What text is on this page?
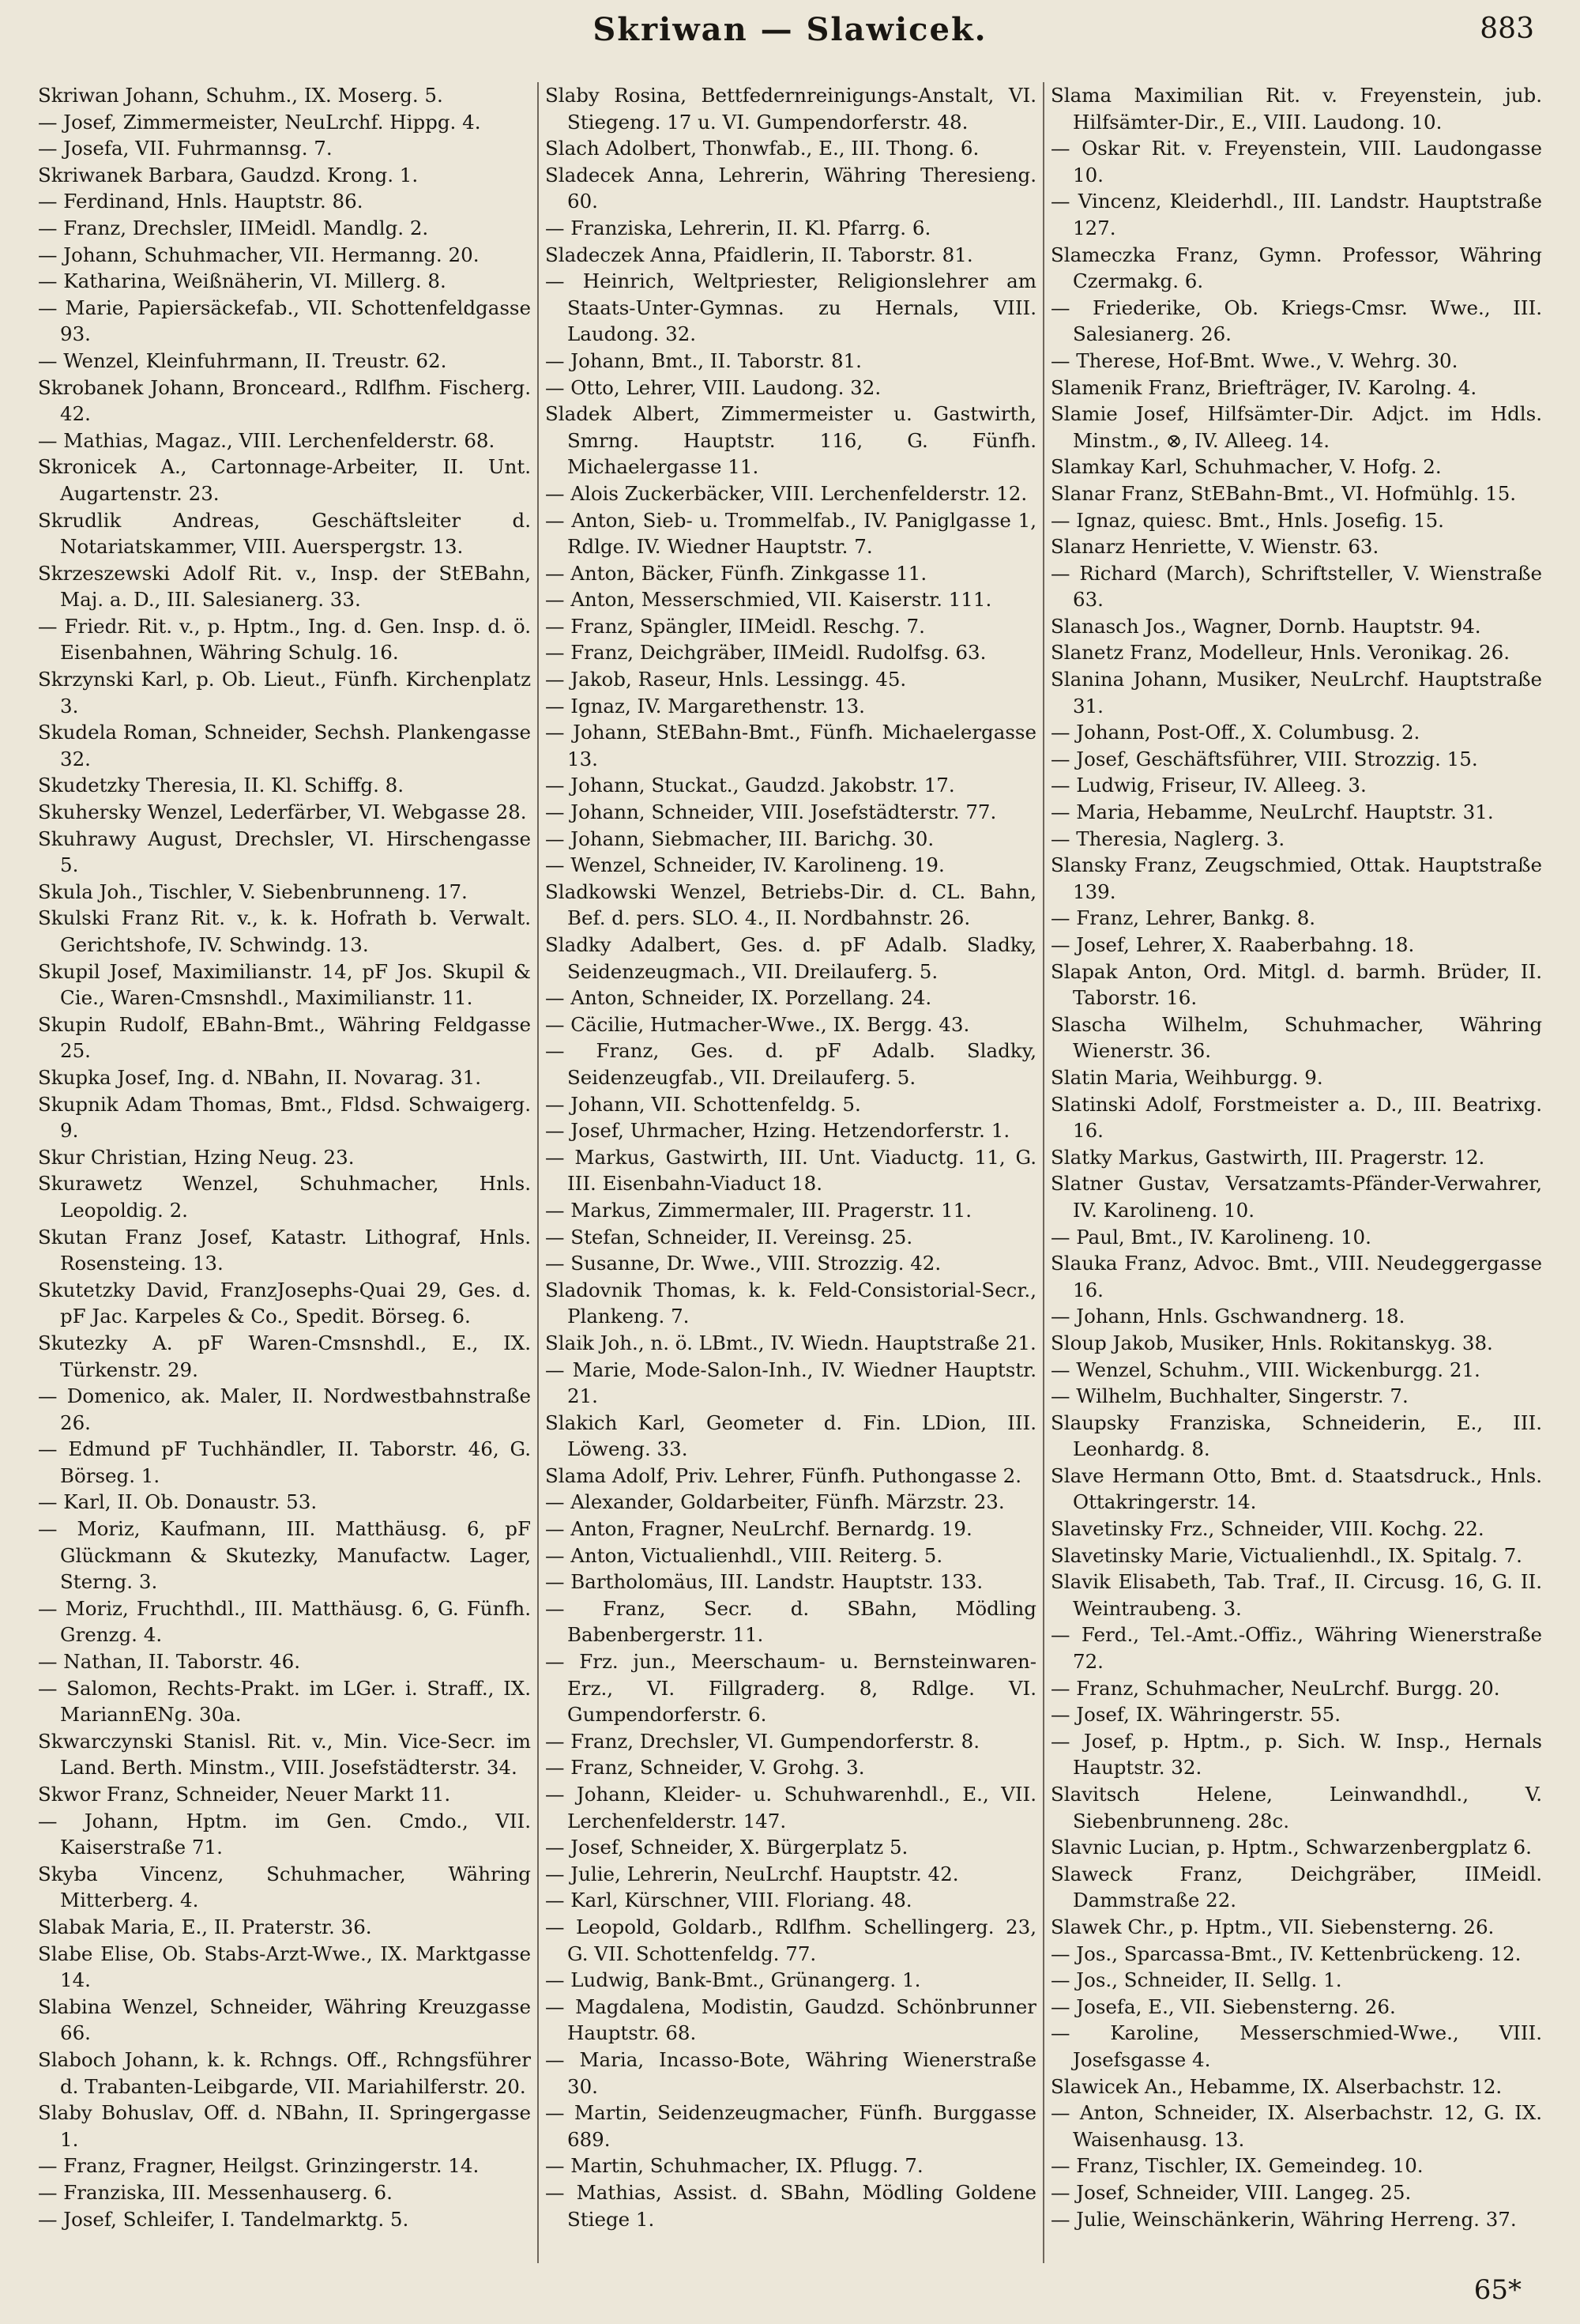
Skriwan — Slawicek.	883
Skriwan Johann, Schuhm., IX. Moserg. 5.
— Josef, Zimmermeister, NeuLrchf. Hippg. 4.
— Josefa, VII. Fuhrmannsg. 7.
Skriwanek Barbara, Gaudzd. Krong. 1.
— Ferdinand, Hnls. Hauptstr. 86.
— Franz, Drechsler, IIMeidl. Mandlg. 2.
— Johann, Schuhmacher, VII. Hermanng. 20.
— Katharina, Weißnäherin, VI. Millerg. 8.
— Marie, Papiersäckefab., VII. Schottenfeldgasse 93.
— Wenzel, Kleinfuhrmann, II. Treustr. 62.
Skrobanek Johann, Bronceard., Rdlfhm. Fischerg. 42.
— Mathias, Magaz., VIII. Lerchenfelderstr. 68.
Skronicek A., Cartonnage-Arbeiter, II. Unt. Augartenstr. 23.
Skrudlik Andreas, Geschäftsleiter d. Notariatskammer, VIII. Auerspergstr. 13.
Skrzeszewski Adolf Rit. v., Insp. der StEBahn, Maj. a. D., III. Salesianerg. 33.
— Friedr. Rit. v., p. Hptm., Ing. d. Gen. Insp. d. ö. Eisenbahnen, Währing Schulg. 16.
Skrzynski Karl, p. Ob. Lieut., Fünfh. Kirchenplatz 3.
Skudela Roman, Schneider, Sechsh. Plankengasse 32.
Skudetzky Theresia, II. Kl. Schiffg. 8.
Skuhersky Wenzel, Lederfärber, VI. Webgasse 28.
Skuhrawy August, Drechsler, VI. Hirschengasse 5.
Skula Joh., Tischler, V. Siebenbrunneng. 17.
Skulski Franz Rit. v., k. k. Hofrath b. Verwalt. Gerichtshofe, IV. Schwindg. 13.
Skupil Josef, Maximilianstr. 14, pF Jos. Skupil & Cie., Waren-Cmsnshdl., Maximilianstr. 11.
Skupin Rudolf, EBahn-Bmt., Währing Feldgasse 25.
Skupka Josef, Ing. d. NBahn, II. Novarag. 31.
Skupnik Adam Thomas, Bmt., Fldsd. Schwaigerg. 9.
Skur Christian, Hzing Neug. 23.
Skurawetz Wenzel, Schuhmacher, Hnls. Leopoldig. 2.
Skutan Franz Josef, Katastr. Lithograf, Hnls. Rosensteing. 13.
Skutetzky David, FranzJosephs-Quai 29, Ges. d. pF Jac. Karpeles & Co., Spedit. Börseg. 6.
Skutezky A. pF Waren-Cmsnshdl., E., IX. Türkenstr. 29.
— Domenico, ak. Maler, II. Nordwestbahnstraße 26.
— Edmund pF Tuchhändler, II. Taborstr. 46, G. Börseg. 1.
— Karl, II. Ob. Donaustr. 53.
— Moriz, Kaufmann, III. Matthäusg. 6, pF Glückmann & Skutezky, Manufactw. Lager, Sterng. 3.
— Moriz, Fruchthdl., III. Matthäusg. 6, G. Fünfh. Grenzg. 4.
— Nathan, II. Taborstr. 46.
— Salomon, Rechts-Prakt. im LGer. i. Straff., IX. MariannENg. 30a.
Skwarczynski Stanisl. Rit. v., Min. Vice-Secr. im Land. Berth. Minstm., VIII. Josefstädterstr. 34.
Skwor Franz, Schneider, Neuer Markt 11.
— Johann, Hptm. im Gen. Cmdo., VII. Kaiserstraße 71.
Skyba Vincenz, Schuhmacher, Währing Mitterberg. 4.
Slabak Maria, E., II. Praterstr. 36.
Slabe Elise, Ob. Stabs-Arzt-Wwe., IX. Marktgasse 14.
Slabina Wenzel, Schneider, Währing Kreuzgasse 66.
Slaboch Johann, k. k. Rchngs. Off., Rchngsführer d. Trabanten-Leibgarde, VII. Mariahilferstr. 20.
Slaby Bohuslav, Off. d. NBahn, II. Springergasse 1.
— Franz, Fragner, Heilgst. Grinzingerstr. 14.
— Franziska, III. Messenhauserg. 6.
— Josef, Schleifer, I. Tandelmarktg. 5.
Slaby Rosina, Bettfedernreinigungs-Anstalt, VI. Stiegeng. 17 u. VI. Gumpendorferstr. 48.
Slach Adolbert, Thonwfab., E., III. Thong. 6.
Sladecek Anna, Lehrerin, Währing Theresieng. 60.
— Franziska, Lehrerin, II. Kl. Pfarrg. 6.
Sladeczek Anna, Pfaidlerin, II. Taborstr. 81.
— Heinrich, Weltpriester, Religionslehrer am Staats-Unter-Gymnas. zu Hernals, VIII. Laudong. 32.
— Johann, Bmt., II. Taborstr. 81.
— Otto, Lehrer, VIII. Laudong. 32.
Sladek Albert, Zimmermeister u. Gastwirth, Smrng. Hauptstr. 116, G. Fünfh. Michaelergasse 11.
— Alois Zuckerbäcker, VIII. Lerchenfelderstr. 12.
— Anton, Sieb- u. Trommelfab., IV. Paniglgasse 1, Rdlge. IV. Wiedner Hauptstr. 7.
— Anton, Bäcker, Fünfh. Zinkgasse 11.
— Anton, Messerschmied, VII. Kaiserstr. 111.
— Franz, Spängler, IIMeidl. Reschg. 7.
— Franz, Deichgräber, IIMeidl. Rudolfsg. 63.
— Jakob, Raseur, Hnls. Lessingg. 45.
— Ignaz, IV. Margarethenstr. 13.
— Johann, StEBahn-Bmt., Fünfh. Michaelergasse 13.
— Johann, Stuckat., Gaudzd. Jakobstr. 17.
— Johann, Schneider, VIII. Josefstädterstr. 77.
— Johann, Siebmacher, III. Barichg. 30.
— Wenzel, Schneider, IV. Karolineng. 19.
Sladkowski Wenzel, Betriebs-Dir. d. CL. Bahn, Bef. d. pers. SLO. 4., II. Nordbahnstr. 26.
Sladky Adalbert, Ges. d. pF Adalb. Sladky, Seidenzeugmach., VII. Dreilauferg. 5.
— Anton, Schneider, IX. Porzellang. 24.
— Cäcilie, Hutmacher-Wwe., IX. Bergg. 43.
— Franz, Ges. d. pF Adalb. Sladky, Seidenzeugfab., VII. Dreilauferg. 5.
— Johann, VII. Schottenfeldg. 5.
— Josef, Uhrmacher, Hzing. Hetzendorferstr. 1.
— Markus, Gastwirth, III. Unt. Viaductg. 11, G. III. Eisenbahn-Viaduct 18.
— Markus, Zimmermaler, III. Pragerstr. 11.
— Stefan, Schneider, II. Vereinsg. 25.
— Susanne, Dr. Wwe., VIII. Strozzig. 42.
Sladovnik Thomas, k. k. Feld-Consistorial-Secr., Plankeng. 7.
Slaik Joh., n. ö. LBmt., IV. Wiedn. Hauptstraße 21.
— Marie, Mode-Salon-Inh., IV. Wiedner Hauptstr. 21.
Slakich Karl, Geometer d. Fin. LDion, III. Löweng. 33.
Slama Adolf, Priv. Lehrer, Fünfh. Puthongasse 2.
— Alexander, Goldarbeiter, Fünfh. Märzstr. 23.
— Anton, Fragner, NeuLrchf. Bernardg. 19.
— Anton, Victualienhdl., VIII. Reiterg. 5.
— Bartholomäus, III. Landstr. Hauptstr. 133.
— Franz, Secr. d. SBahn, Mödling Babenbergerstr. 11.
— Frz. jun., Meerschaum- u. Bernsteinwaren-Erz., VI. Fillgraderg. 8, Rdlge. VI. Gumpendorferstr. 6.
— Franz, Drechsler, VI. Gumpendorferstr. 8.
— Franz, Schneider, V. Grohg. 3.
— Johann, Kleider- u. Schuhwarenhdl., E., VII. Lerchenfelderstr. 147.
— Josef, Schneider, X. Bürgerplatz 5.
— Julie, Lehrerin, NeuLrchf. Hauptstr. 42.
— Karl, Kürschner, VIII. Floriang. 48.
— Leopold, Goldarb., Rdlfhm. Schellingerg. 23, G. VII. Schottenfeldg. 77.
— Ludwig, Bank-Bmt., Grünangerg. 1.
— Magdalena, Modistin, Gaudzd. Schönbrunner Hauptstr. 68.
— Maria, Incasso-Bote, Währing Wienerstraße 30.
— Martin, Seidenzeugmacher, Fünfh. Burggasse 689.
— Martin, Schuhmacher, IX. Pflugg. 7.
— Mathias, Assist. d. SBahn, Mödling Goldene Stiege 1.
Slama Maximilian Rit. v. Freyenstein, jub. Hilfsämter-Dir., E., VIII. Laudong. 10.
— Oskar Rit. v. Freyenstein, VIII. Laudongasse 10.
— Vincenz, Kleiderhdl., III. Landstr. Hauptstraße 127.
Slameczka Franz, Gymn. Professor, Währing Czermakg. 6.
— Friederike, Ob. Kriegs-Cmsr. Wwe., III. Salesianerg. 26.
— Therese, Hof-Bmt. Wwe., V. Wehrg. 30.
Slamenik Franz, Briefträger, IV. Karolng. 4.
Slamie Josef, Hilfsämter-Dir. Adjct. im Hdls. Minstm., ⊗, IV. Alleeg. 14.
Slamkay Karl, Schuhmacher, V. Hofg. 2.
Slanar Franz, StEBahn-Bmt., VI. Hofmühlg. 15.
— Ignaz, quiesc. Bmt., Hnls. Josefig. 15.
Slanarz Henriette, V. Wienstr. 63.
— Richard (March), Schriftsteller, V. Wienstraße 63.
Slanasch Jos., Wagner, Dornb. Hauptstr. 94.
Slanetz Franz, Modelleur, Hnls. Veronikag. 26.
Slanina Johann, Musiker, NeuLrchf. Hauptstraße 31.
— Johann, Post-Off., X. Columbusg. 2.
— Josef, Geschäftsführer, VIII. Strozzig. 15.
— Ludwig, Friseur, IV. Alleeg. 3.
— Maria, Hebamme, NeuLrchf. Hauptstr. 31.
— Theresia, Naglerg. 3.
Slansky Franz, Zeugschmied, Ottak. Hauptstraße 139.
— Franz, Lehrer, Bankg. 8.
— Josef, Lehrer, X. Raaberbahng. 18.
Slapak Anton, Ord. Mitgl. d. barmh. Brüder, II. Taborstr. 16.
Slascha Wilhelm, Schuhmacher, Währing Wienerstr. 36.
Slatin Maria, Weihburgg. 9.
Slatinski Adolf, Forstmeister a. D., III. Beatrixg. 16.
Slatky Markus, Gastwirth, III. Pragerstr. 12.
Slatner Gustav, Versatzamts-Pfänder-Verwahrer, IV. Karolineng. 10.
— Paul, Bmt., IV. Karolineng. 10.
Slauka Franz, Advoc. Bmt., VIII. Neudeggergasse 16.
— Johann, Hnls. Gschwandnerg. 18.
Sloup Jakob, Musiker, Hnls. Rokitanskyg. 38.
— Wenzel, Schuhm., VIII. Wickenburgg. 21.
— Wilhelm, Buchhalter, Singerstr. 7.
Slaupsky Franziska, Schneiderin, E., III. Leonhardg. 8.
Slave Hermann Otto, Bmt. d. Staatsdruck., Hnls. Ottakringerstr. 14.
Slavetinsky Frz., Schneider, VIII. Kochg. 22.
Slavetinsky Marie, Victualienhdl., IX. Spitalg. 7.
Slavik Elisabeth, Tab. Traf., II. Circusg. 16, G. II. Weintraubeng. 3.
— Ferd., Tel.-Amt.-Offiz., Währing Wienerstraße 72.
— Franz, Schuhmacher, NeuLrchf. Burgg. 20.
— Josef, IX. Währingerstr. 55.
— Josef, p. Hptm., p. Sich. W. Insp., Hernals Hauptstr. 32.
Slavitsch Helene, Leinwandhdl., V. Siebenbrunneng. 28c.
Slavnic Lucian, p. Hptm., Schwarzenbergplatz 6.
Slaweck Franz, Deichgräber, IIMeidl. Dammstraße 22.
Slawek Chr., p. Hptm., VII. Siebensterng. 26.
— Jos., Sparcassa-Bmt., IV. Kettenbrückeng. 12.
— Jos., Schneider, II. Sellg. 1.
— Josefa, E., VII. Siebensterng. 26.
— Karoline, Messerschmied-Wwe., VIII. Josefsgasse 4.
Slawicek An., Hebamme, IX. Alserbachstr. 12.
— Anton, Schneider, IX. Alserbachstr. 12, G. IX. Waisenhausg. 13.
— Franz, Tischler, IX. Gemeindeg. 10.
— Josef, Schneider, VIII. Langeg. 25.
— Julie, Weinschänkerin, Währing Herreng. 37.
65*
